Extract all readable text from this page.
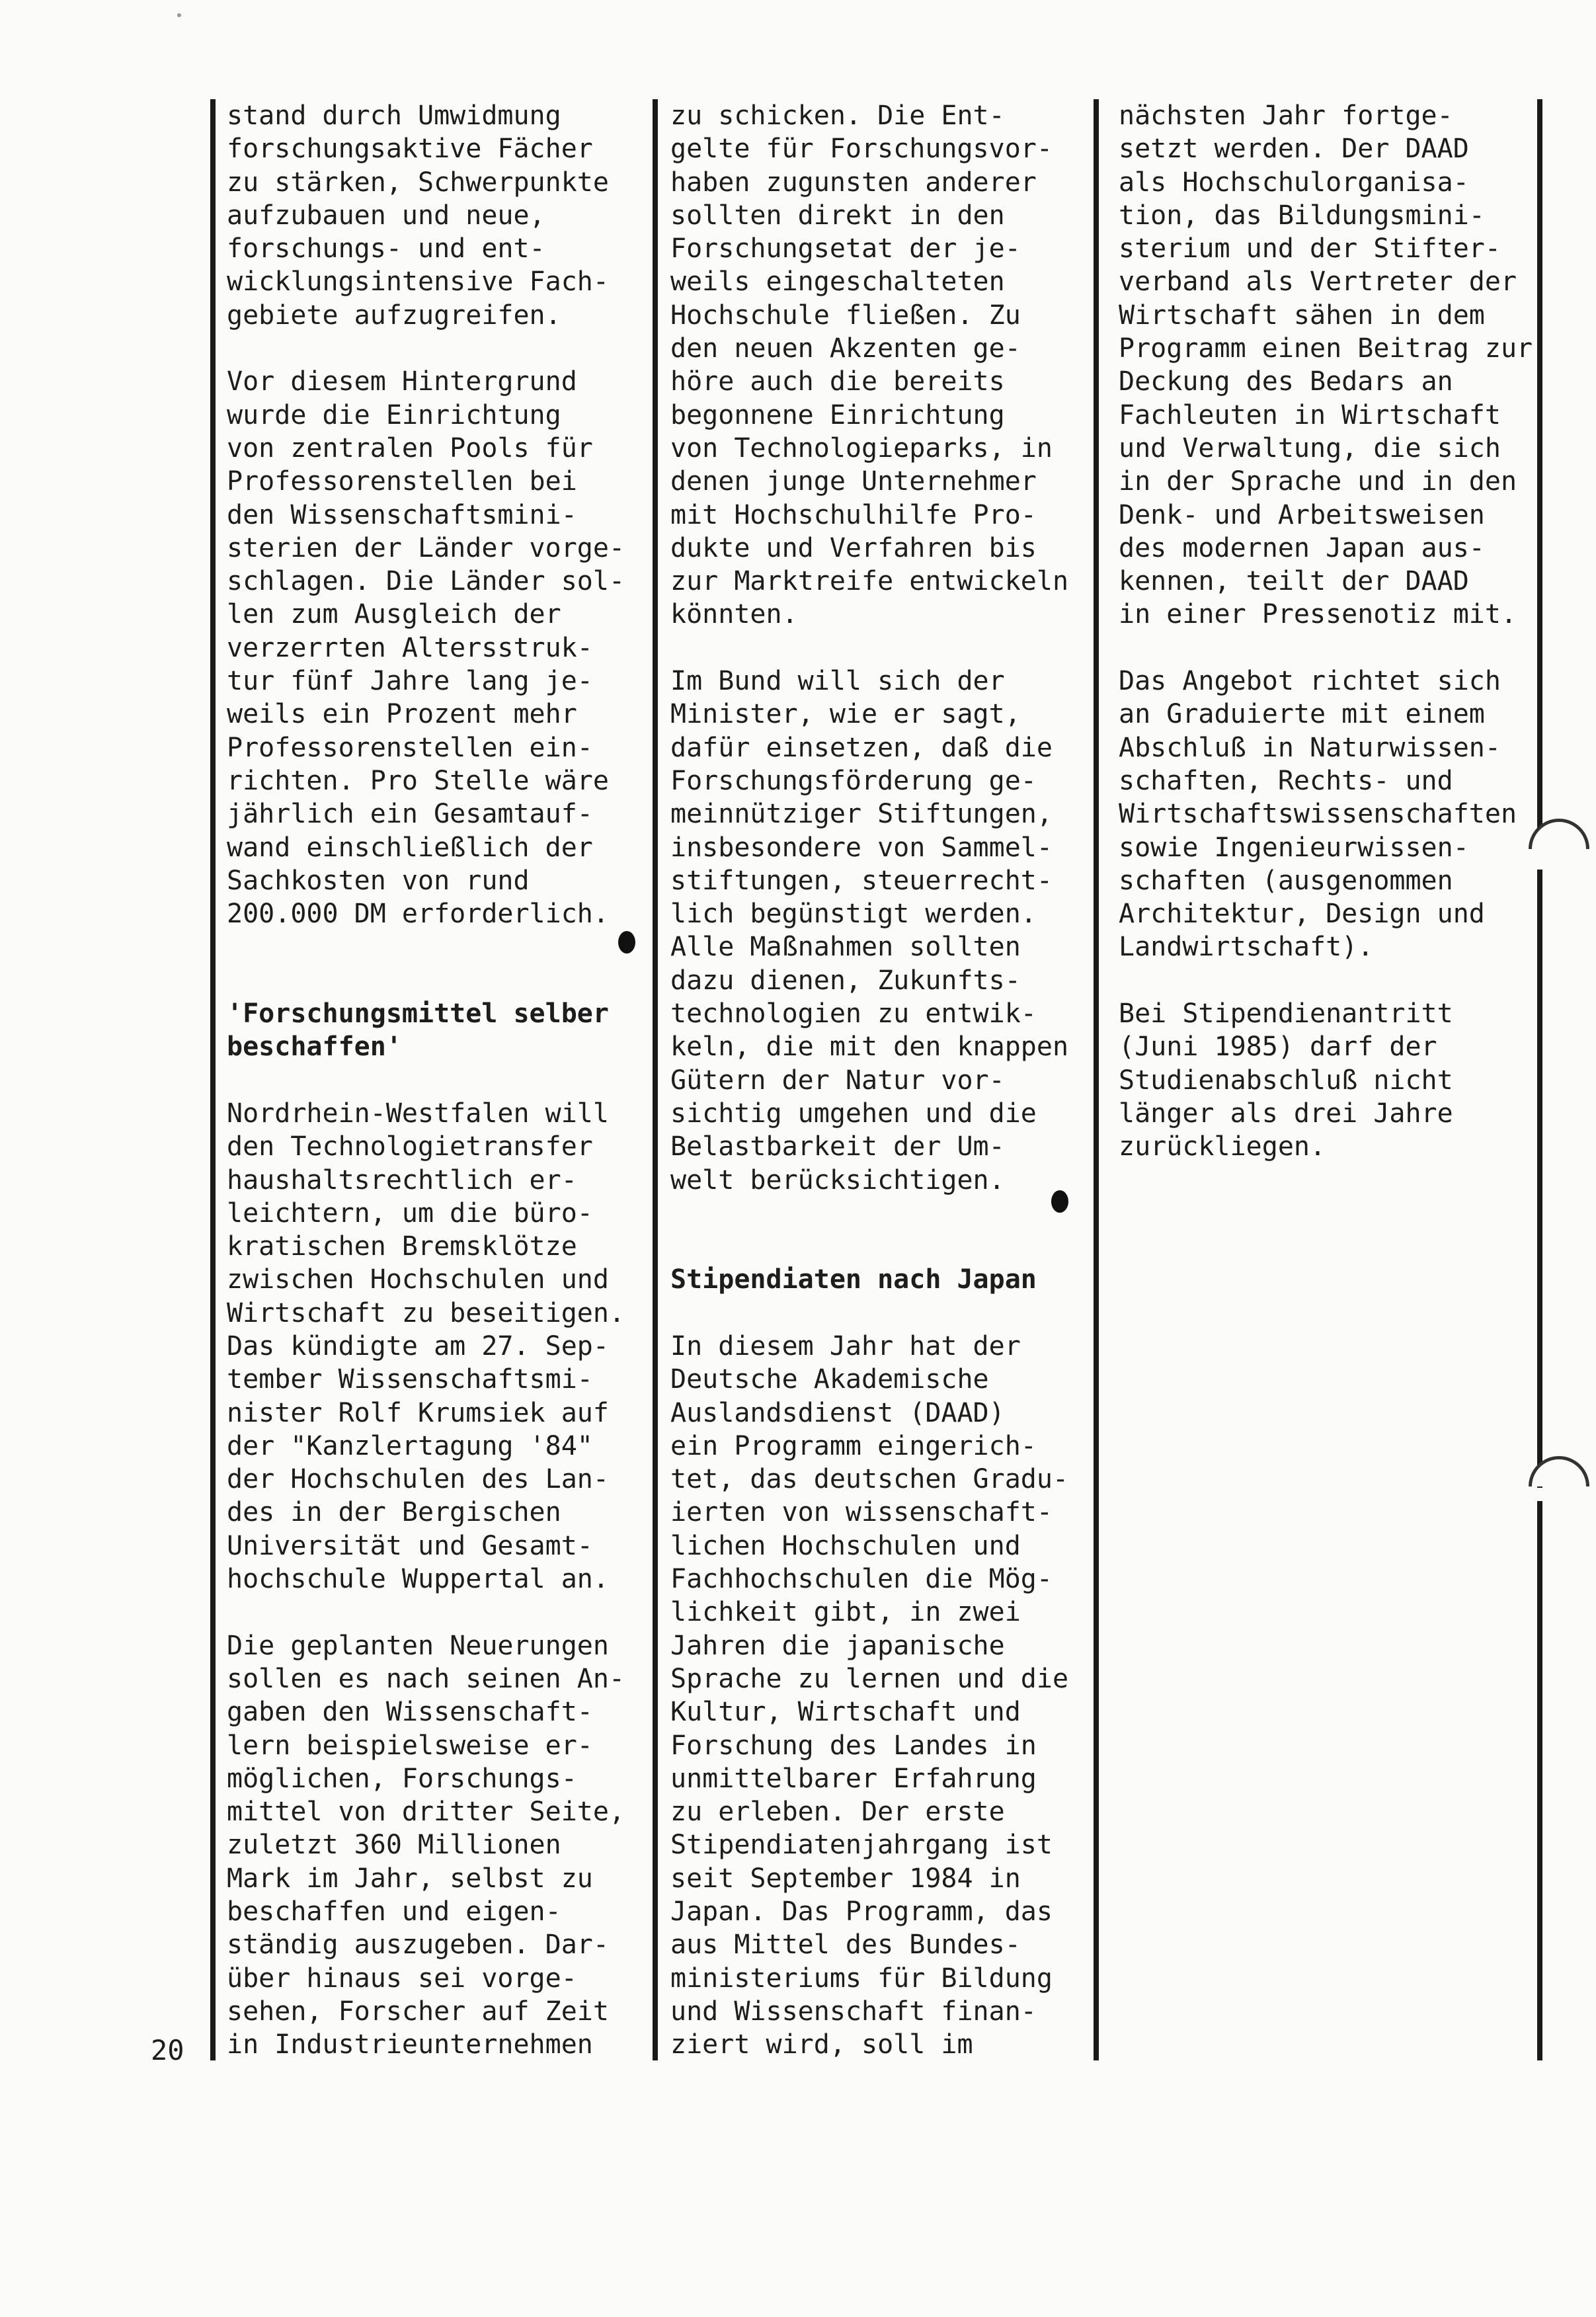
stand durch Umwidmung
forschungsaktive Fächer
zu stärken, Schwerpunkte
aufzubauen und neue,
forschungs- und ent-
wicklungsintensive Fach-
gebiete aufzugreifen.
Vor diesem Hintergrund
wurde die Einrichtung
von zentralen Pools für
Professorenstellen bei
den Wissenschaftsmini-
sterien der Länder vorge-
schlagen. Die Länder sol-
len zum Ausgleich der
verzerrten Altersstruk-
tur fünf Jahre lang je-
weils ein Prozent mehr
Professorenstellen ein-
richten. Pro Stelle wäre
jährlich ein Gesamtauf-
wand einschließlich der
Sachkosten von rund
200.000 DM erforderlich.
'Forschungsmittel selber
beschaffen'
Nordrhein-Westfalen will
den Technologietransfer
haushaltsrechtlich er-
leichtern, um die büro-
kratischen Bremsklötze
zwischen Hochschulen und
Wirtschaft zu beseitigen.
Das kündigte am 27. Sep-
tember Wissenschaftsmi-
nister Rolf Krumsiek auf
der "Kanzlertagung '84"
der Hochschulen des Lan-
des in der Bergischen
Universität und Gesamt-
hochschule Wuppertal an.
Die geplanten Neuerungen
sollen es nach seinen An-
gaben den Wissenschaft-
lern beispielsweise er-
möglichen, Forschungs-
mittel von dritter Seite,
zuletzt 360 Millionen
Mark im Jahr, selbst zu
beschaffen und eigen-
ständig auszugeben. Dar-
über hinaus sei vorge-
sehen, Forscher auf Zeit
in Industrieunternehmen
zu schicken. Die Ent-
gelte für Forschungsvor-
haben zugunsten anderer
sollten direkt in den
Forschungsetat der je-
weils eingeschalteten
Hochschule fließen. Zu
den neuen Akzenten ge-
höre auch die bereits
begonnene Einrichtung
von Technologieparks, in
denen junge Unternehmer
mit Hochschulhilfe Pro-
dukte und Verfahren bis
zur Marktreife entwickeln
könnten.
Im Bund will sich der
Minister, wie er sagt,
dafür einsetzen, daß die
Forschungsförderung ge-
meinnütziger Stiftungen,
insbesondere von Sammel-
stiftungen, steuerrecht-
lich begünstigt werden.
Alle Maßnahmen sollten
dazu dienen, Zukunfts-
technologien zu entwik-
keln, die mit den knappen
Gütern der Natur vor-
sichtig umgehen und die
Belastbarkeit der Um-
welt berücksichtigen.
Stipendiaten nach Japan
In diesem Jahr hat der
Deutsche Akademische
Auslandsdienst (DAAD)
ein Programm eingerich-
tet, das deutschen Gradu-
ierten von wissenschaft-
lichen Hochschulen und
Fachhochschulen die Mög-
lichkeit gibt, in zwei
Jahren die japanische
Sprache zu lernen und die
Kultur, Wirtschaft und
Forschung des Landes in
unmittelbarer Erfahrung
zu erleben. Der erste
Stipendiatenjahrgang ist
seit September 1984 in
Japan. Das Programm, das
aus Mittel des Bundes-
ministeriums für Bildung
und Wissenschaft finan-
ziert wird, soll im
nächsten Jahr fortge-
setzt werden. Der DAAD
als Hochschulorganisa-
tion, das Bildungsmini-
sterium und der Stifter-
verband als Vertreter der
Wirtschaft sähen in dem
Programm einen Beitrag zur
Deckung des Bedars an
Fachleuten in Wirtschaft
und Verwaltung, die sich
in der Sprache und in den
Denk- und Arbeitsweisen
des modernen Japan aus-
kennen, teilt der DAAD
in einer Pressenotiz mit.
Das Angebot richtet sich
an Graduierte mit einem
Abschluß in Naturwissen-
schaften, Rechts- und
Wirtschaftswissenschaften
sowie Ingenieurwissen-
schaften (ausgenommen
Architektur, Design und
Landwirtschaft).
Bei Stipendienantritt
(Juni 1985) darf der
Studienabschluß nicht
länger als drei Jahre
zurückliegen.
20
